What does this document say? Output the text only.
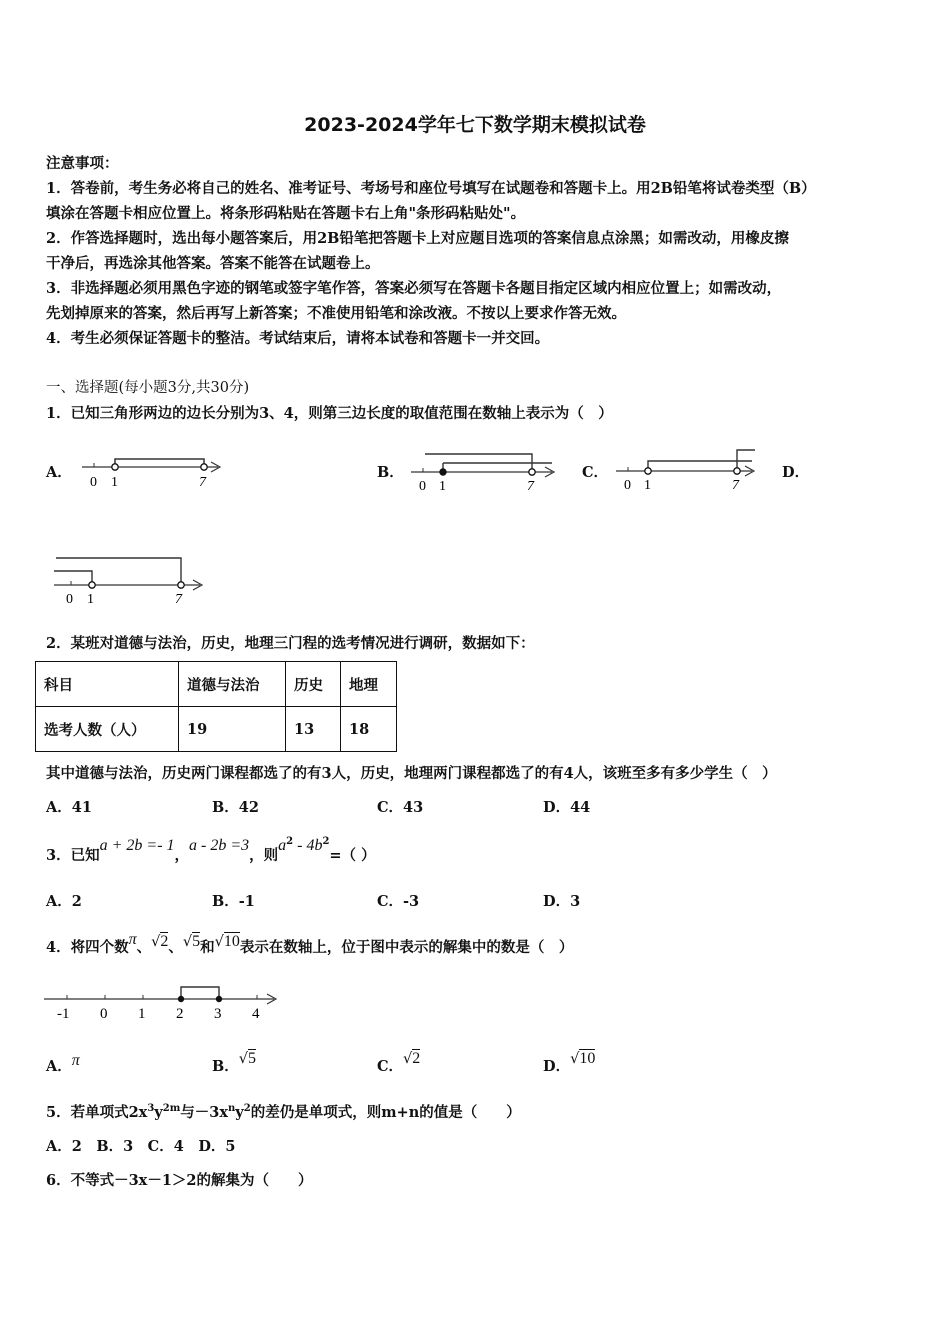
2023-2024学年七下数学期末模拟试卷
注意事项：
1．答卷前，考生务必将自己的姓名、准考证号、考场号和座位号填写在试题卷和答题卡上。用2B铅笔将试卷类型（B）
填涂在答题卡相应位置上。将条形码粘贴在答题卡右上角"条形码粘贴处"。
2．作答选择题时，选出每小题答案后，用2B铅笔把答题卡上对应题目选项的答案信息点涂黑；如需改动，用橡皮擦
干净后，再选涂其他答案。答案不能答在试题卷上。
3．非选择题必须用黑色字迹的钢笔或签字笔作答，答案必须写在答题卡各题目指定区域内相应位置上；如需改动，
先划掉原来的答案，然后再写上新答案；不准使用铅笔和涂改液。不按以上要求作答无效。
4．考生必须保证答题卡的整洁。考试结束后，请将本试卷和答题卡一并交回。
一、选择题(每小题3分,共30分)
1．已知三角形两边的边长分别为3、4，则第三边长度的取值范围在数轴上表示为（　）
A．
0 1	7
B．
0 1	7
C．
0 1	7
D．
0 1	7
2．某班对道德与法治，历史，地理三门程的选考情况进行调研，数据如下：
科目	道德与法治	历史	地理
选考人数（人）	19	13	18
其中道德与法治，历史两门课程都选了的有3人，历史，地理两门课程都选了的有4人，该班至多有多少学生（　）
A．41	B．42	C．43	D．44
3．已知a + 2b =- 1，a - 2b =3，则$a^2 - 4b^2=$（ ）
A．2	B．-1	C．-3	D．3
4．将四个数π、√2、√5和√10表示在数轴上，位于图中表示的解集中的数是（　）
-1 0 1 2 3 4
A．π	B．√5	C．√2	D．√10
5．若单项式$2x^3y^{2m}$与$-3x^ny^2$的差仍是单项式，则m+n的值是（　　）
A．2　B．3　C．4　D．5
6．不等式－3x－1＞2的解集为（　　）
